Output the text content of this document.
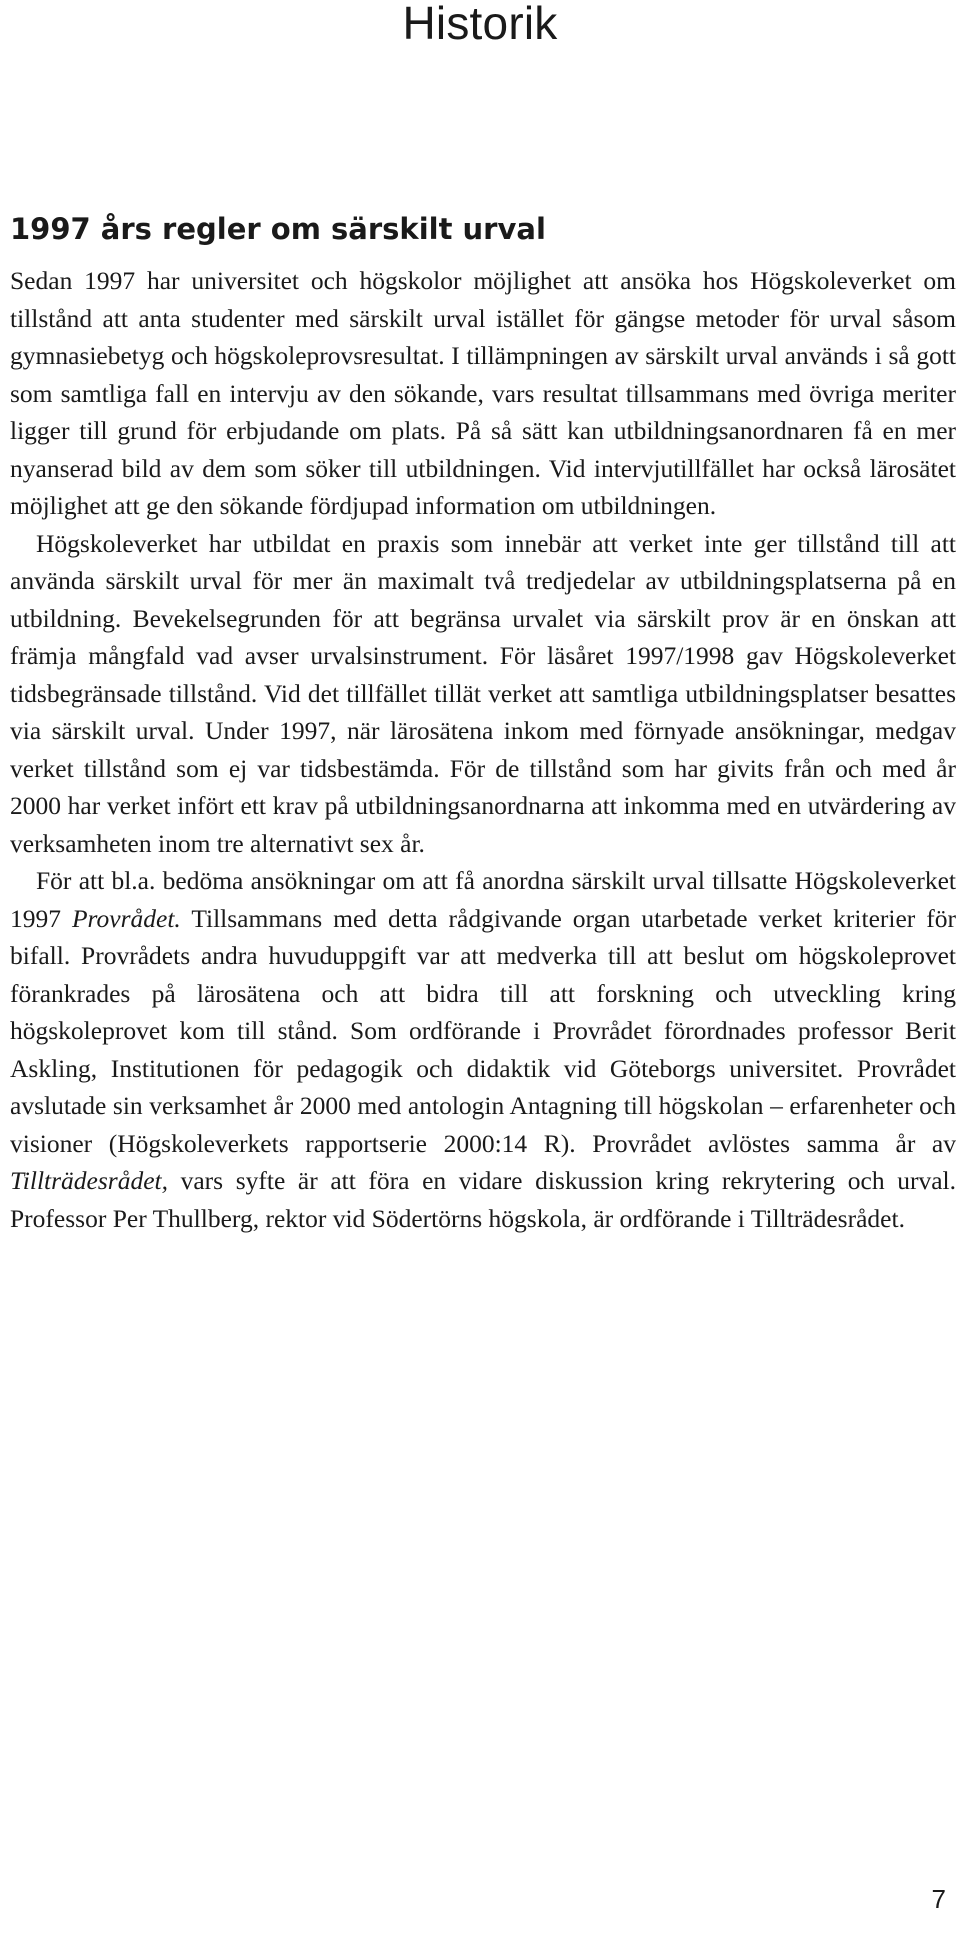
Historik
1997 års regler om särskilt urval

Sedan 1997 har universitet och högskolor möjlighet att ansöka hos Högskoleverket om tillstånd att anta studenter med särskilt urval istället för gängse metoder för urval såsom gymnasiebetyg och högskoleprovsresultat. I tillämpningen av särskilt urval används i så gott som samtliga fall en intervju av den sökande, vars resultat tillsammans med övriga meriter ligger till grund för erbjudande om plats. På så sätt kan utbildningsanordnaren få en mer nyanserad bild av dem som söker till utbildningen. Vid intervjutillfället har också lärosätet möjlighet att ge den sökande fördjupad information om utbildningen.

Högskoleverket har utbildat en praxis som innebär att verket inte ger tillstånd till att använda särskilt urval för mer än maximalt två tredjedelar av utbildningsplatserna på en utbildning. Bevekelsegrunden för att begränsa urvalet via särskilt prov är en önskan att främja mångfald vad avser urvalsinstrument. För läsåret 1997/1998 gav Högskoleverket tidsbegränsade tillstånd. Vid det tillfället tillät verket att samtliga utbildningsplatser besattes via särskilt urval. Under 1997, när lärosätena inkom med förnyade ansökningar, medgav verket tillstånd som ej var tidsbestämda. För de tillstånd som har givits från och med år 2000 har verket infört ett krav på utbildningsanordnarna att inkomma med en utvärdering av verksamheten inom tre alternativt sex år.

För att bl.a. bedöma ansökningar om att få anordna särskilt urval tillsatte Högskoleverket 1997 Provrådet. Tillsammans med detta rådgivande organ utarbetade verket kriterier för bifall. Provrådets andra huvuduppgift var att medverka till att beslut om högskoleprovet förankrades på lärosätena och att bidra till att forskning och utveckling kring högskoleprovet kom till stånd. Som ordförande i Provrådet förordnades professor Berit Askling, Institutionen för pedagogik och didaktik vid Göteborgs universitet. Provrådet avslutade sin verksamhet år 2000 med antologin Antagning till högskolan – erfarenheter och visioner (Högskoleverkets rapportserie 2000:14 R). Provrådet avlöstes samma år av Tillträdesrådet, vars syfte är att föra en vidare diskussion kring rekrytering och urval. Professor Per Thullberg, rektor vid Södertörns högskola, är ordförande i Tillträdesrådet.

7
